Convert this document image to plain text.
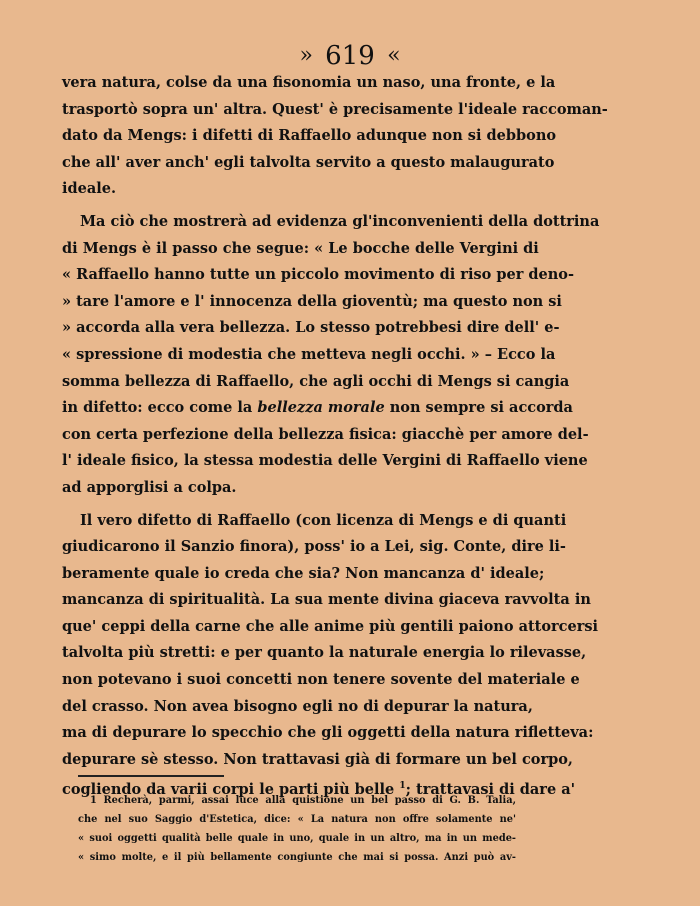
» 619 «

vera natura, colse da una fisonomia un naso, una fronte, e la

trasportò sopra un' altra. Quest' è precisamente l'ideale raccoman-

dato da Mengs: i difetti di Raffaello adunque non si debbono

che all' aver anch' egli talvolta servito a questo malaugurato

ideale.

Ma ciò che mostrerà ad evidenza gl'inconvenienti della dottrina

di Mengs è il passo che segue: « Le bocche delle Vergini di

« Raffaello hanno tutte un piccolo movimento di riso per deno-

» tare l'amore e l' innocenza della gioventù; ma questo non si

» accorda alla vera bellezza. Lo stesso potrebbesi dire dell' e-

« spressione di modestia che metteva negli occhi. » – Ecco la

somma bellezza di Raffaello, che agli occhi di Mengs si cangia

in difetto: ecco come la bellezza morale non sempre si accorda

con certa perfezione della bellezza fisica: giacchè per amore del-

l' ideale fisico, la stessa modestia delle Vergini di Raffaello viene

ad apporglisi a colpa.

Il vero difetto di Raffaello (con licenza di Mengs e di quanti

giudicarono il Sanzio finora), poss' io a Lei, sig. Conte, dire li-

beramente quale io creda che sia? Non mancanza d' ideale;

mancanza di spiritualità. La sua mente divina giaceva ravvolta in

que' ceppi della carne che alle anime più gentili paiono attorcersi

talvolta più stretti: e per quanto la naturale energia lo rilevasse,

non potevano i suoi concetti non tenere sovente del materiale e

del crasso. Non avea bisogno egli no di depurar la natura,

ma di depurare lo specchio che gli oggetti della natura rifletteva:

depurare sè stesso. Non trattavasi già di formare un bel corpo,

cogliendo da varii corpi le parti più belle $^1$; trattavasi di dare a'

1 Recherà, parmi, assai luce alla quistione un bel passo di G. B. Talia,

che nel suo Saggio d'Estetica, dice: « La natura non offre solamente ne'

« suoi oggetti qualità belle quale in uno, quale in un altro, ma in un mede-

« simo molte, e il più bellamente congiunte che mai si possa. Anzi può av-
